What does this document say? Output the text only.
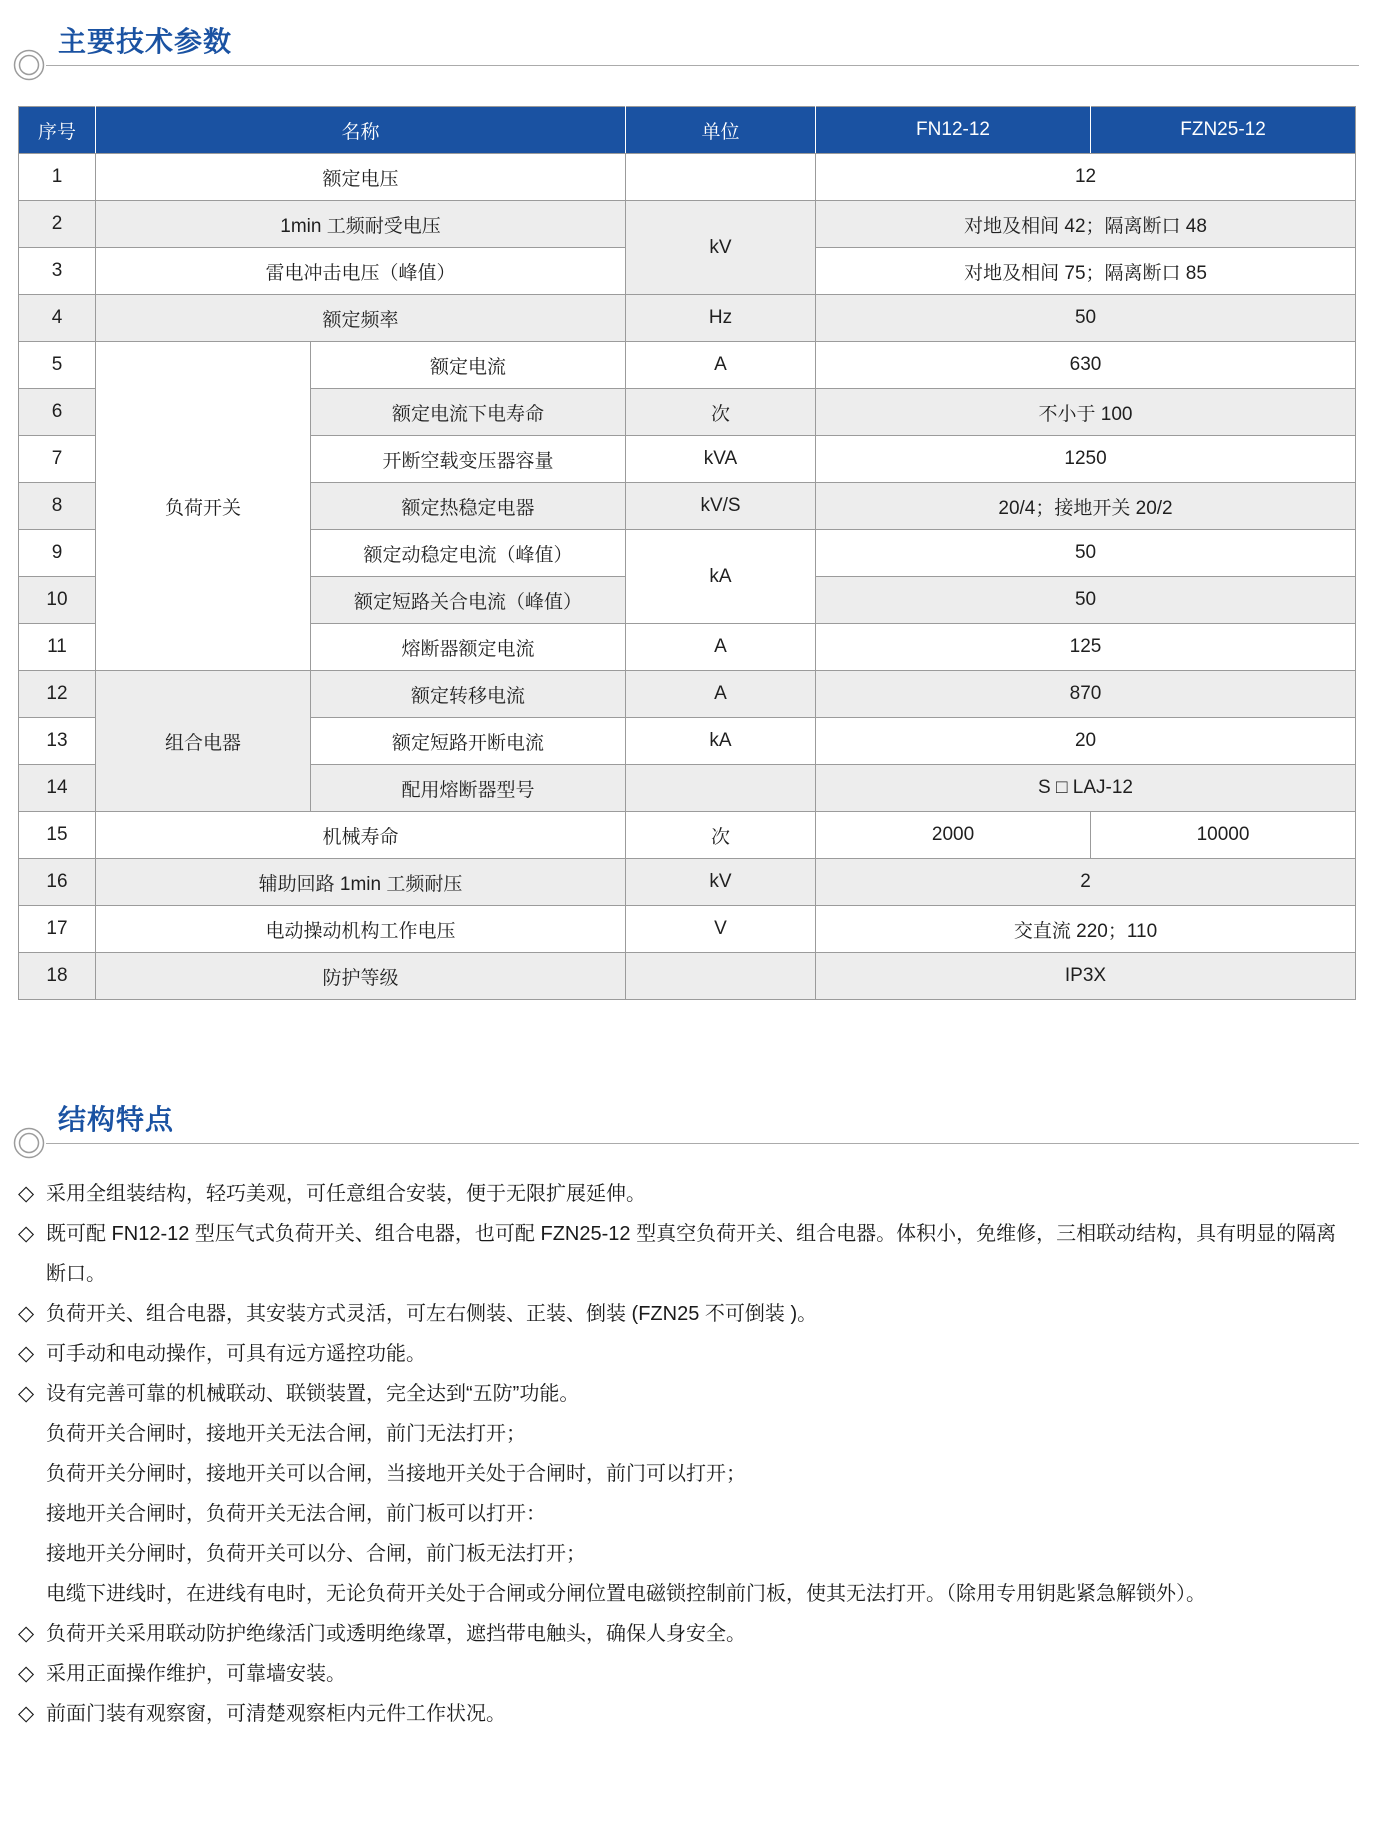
主要技术参数
序号	名称		单位	FN12-12	FZN25-12
1	额定电压			12	
2	1min 工频耐受电压		kV	对地及相间 42；隔离断口 48	
3	雷电冲击电压（峰值）			对地及相间 75；隔离断口 85	
4	额定频率		Hz	50	
5	负荷开关	额定电流	A	630	
6		额定电流下电寿命	次	不小于 100	
7		开断空载变压器容量	kVA	1250	
8		额定热稳定电器	kV/S	20/4；接地开关 20/2	
9		额定动稳定电流（峰值）	kA	50	
10		额定短路关合电流（峰值）		50	
11		熔断器额定电流	A	125	
12	组合电器	额定转移电流	A	870	
13		额定短路开断电流	kA	20	
14		配用熔断器型号		S □ LAJ-12	
15	机械寿命		次	2000	10000
16	辅助回路 1min 工频耐压		kV	2	
17	电动操动机构工作电压		V	交直流 220；110	
18	防护等级			IP3X	
结构特点
◇ 采用全组装结构，轻巧美观，可任意组合安装，便于无限扩展延伸。
◇ 既可配 FN12-12 型压气式负荷开关、组合电器，也可配 FZN25-12 型真空负荷开关、组合电器。体积小，免维修，三相联动结构，具有明显的隔离断口。
◇ 负荷开关、组合电器，其安装方式灵活，可左右侧装、正装、倒装 (FZN25 不可倒装 )。
◇ 可手动和电动操作，可具有远方遥控功能。
◇ 设有完善可靠的机械联动、联锁装置，完全达到“五防”功能。
负荷开关合闸时，接地开关无法合闸，前门无法打开；
负荷开关分闸时，接地开关可以合闸，当接地开关处于合闸时，前门可以打开；
接地开关合闸时，负荷开关无法合闸，前门板可以打开：
接地开关分闸时，负荷开关可以分、合闸，前门板无法打开；
电缆下进线时，在进线有电时，无论负荷开关处于合闸或分闸位置电磁锁控制前门板，使其无法打开。（除用专用钥匙紧急解锁外）。
◇ 负荷开关采用联动防护绝缘活门或透明绝缘罩，遮挡带电触头，确保人身安全。
◇ 采用正面操作维护，可靠墙安装。
◇ 前面门装有观察窗，可清楚观察柜内元件工作状况。
